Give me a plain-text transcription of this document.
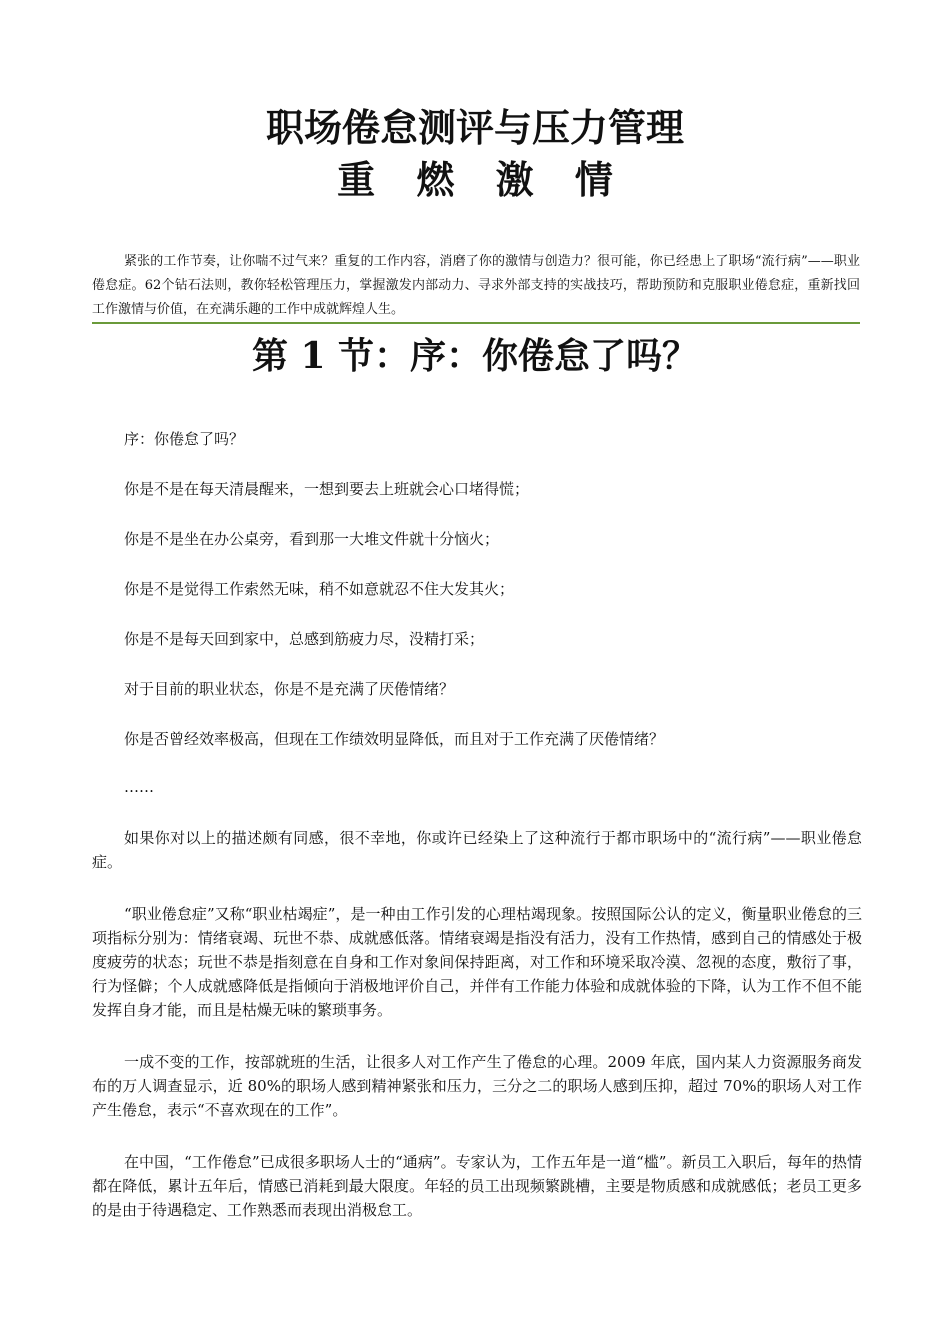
职场倦怠测评与压力管理
重 燃 激 情

紧张的工作节奏，让你喘不过气来？重复的工作内容，消磨了你的激情与创造力？很可能，你已经患上了职场“流行病”——职业倦怠症。62个钻石法则，教你轻松管理压力，掌握激发内部动力、寻求外部支持的实战技巧，帮助预防和克服职业倦怠症，重新找回工作激情与价值，在充满乐趣的工作中成就辉煌人生。

第 1 节：序：你倦怠了吗？

序：你倦怠了吗？

你是不是在每天清晨醒来，一想到要去上班就会心口堵得慌；

你是不是坐在办公桌旁，看到那一大堆文件就十分恼火；

你是不是觉得工作索然无味，稍不如意就忍不住大发其火；

你是不是每天回到家中，总感到筋疲力尽，没精打采；

对于目前的职业状态，你是不是充满了厌倦情绪？

你是否曾经效率极高，但现在工作绩效明显降低，而且对于工作充满了厌倦情绪？

……

如果你对以上的描述颇有同感，很不幸地，你或许已经染上了这种流行于都市职场中的“流行病”——职业倦怠症。

“职业倦怠症”又称“职业枯竭症”，是一种由工作引发的心理枯竭现象。按照国际公认的定义，衡量职业倦怠的三项指标分别为：情绪衰竭、玩世不恭、成就感低落。情绪衰竭是指没有活力，没有工作热情，感到自己的情感处于极度疲劳的状态；玩世不恭是指刻意在自身和工作对象间保持距离，对工作和环境采取冷漠、忽视的态度，敷衍了事，行为怪僻；个人成就感降低是指倾向于消极地评价自己，并伴有工作能力体验和成就体验的下降，认为工作不但不能发挥自身才能，而且是枯燥无味的繁琐事务。

一成不变的工作，按部就班的生活，让很多人对工作产生了倦怠的心理。2009 年底，国内某人力资源服务商发布的万人调查显示，近 80%的职场人感到精神紧张和压力，三分之二的职场人感到压抑，超过 70%的职场人对工作产生倦怠，表示“不喜欢现在的工作”。

在中国，“工作倦怠”已成很多职场人士的“通病”。专家认为，工作五年是一道“槛”。新员工入职后，每年的热情都在降低，累计五年后，情感已消耗到最大限度。年轻的员工出现频繁跳槽，主要是物质感和成就感低；老员工更多的是由于待遇稳定、工作熟悉而表现出消极怠工。
